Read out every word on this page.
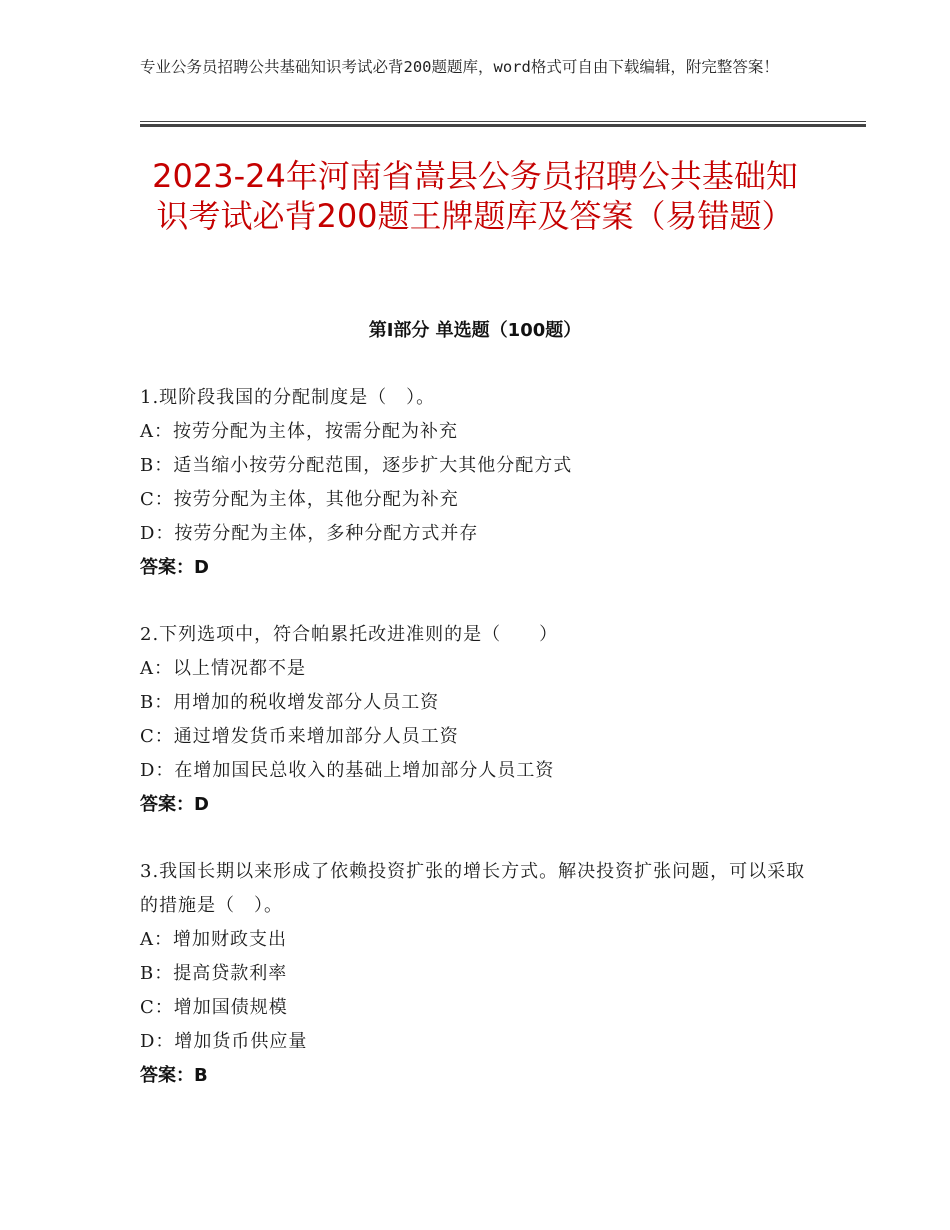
专业公务员招聘公共基础知识考试必背200题题库，word格式可自由下载编辑，附完整答案！
2023-24年河南省嵩县公务员招聘公共基础知识考试必背200题王牌题库及答案（易错题）
第Ⅰ部分 单选题（100题）
1.现阶段我国的分配制度是（　）。
A：按劳分配为主体，按需分配为补充
B：适当缩小按劳分配范围，逐步扩大其他分配方式
C：按劳分配为主体，其他分配为补充
D：按劳分配为主体，多种分配方式并存
答案：D
2.下列选项中，符合帕累托改进准则的是（　　）
A：以上情况都不是
B：用增加的税收增发部分人员工资
C：通过增发货币来增加部分人员工资
D：在增加国民总收入的基础上增加部分人员工资
答案：D
3.我国长期以来形成了依赖投资扩张的增长方式。解决投资扩张问题，可以采取的措施是（　）。
A：增加财政支出
B：提高贷款利率
C：增加国债规模
D：增加货币供应量
答案：B
